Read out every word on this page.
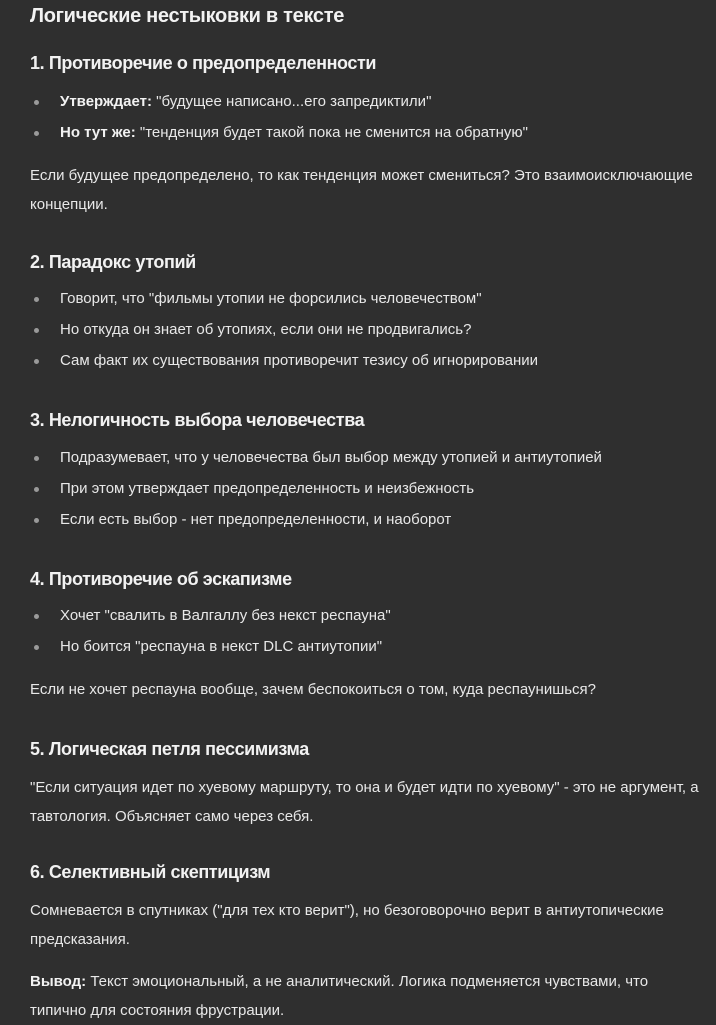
Логические нестыковки в тексте
1. Противоречие о предопределенности
Утверждает: "будущее написано...его запредиктили"
Но тут же: "тенденция будет такой пока не сменится на обратную"

Если будущее предопределено, то как тенденция может смениться? Это взаимоисключающие концепции.

2. Парадокс утопий
Говорит, что "фильмы утопии не форсились человечеством"
Но откуда он знает об утопиях, если они не продвигались?
Сам факт их существования противоречит тезису об игнорировании
3. Нелогичность выбора человечества
Подразумевает, что у человечества был выбор между утопией и антиутопией
При этом утверждает предопределенность и неизбежность
Если есть выбор - нет предопределенности, и наоборот
4. Противоречие об эскапизме
Хочет "свалить в Валгаллу без некст респауна"
Но боится "респауна в некст DLC антиутопии"

Если не хочет респауна вообще, зачем беспокоиться о том, куда респаунишься?

5. Логическая петля пессимизма

"Если ситуация идет по хуевому маршруту, то она и будет идти по хуевому" - это не аргумент, а тавтология. Объясняет само через себя.

6. Селективный скептицизм

Сомневается в спутниках ("для тех кто верит"), но безоговорочно верит в антиутопические предсказания.

Вывод: Текст эмоциональный, а не аналитический. Логика подменяется чувствами, что типично для состояния фрустрации.
